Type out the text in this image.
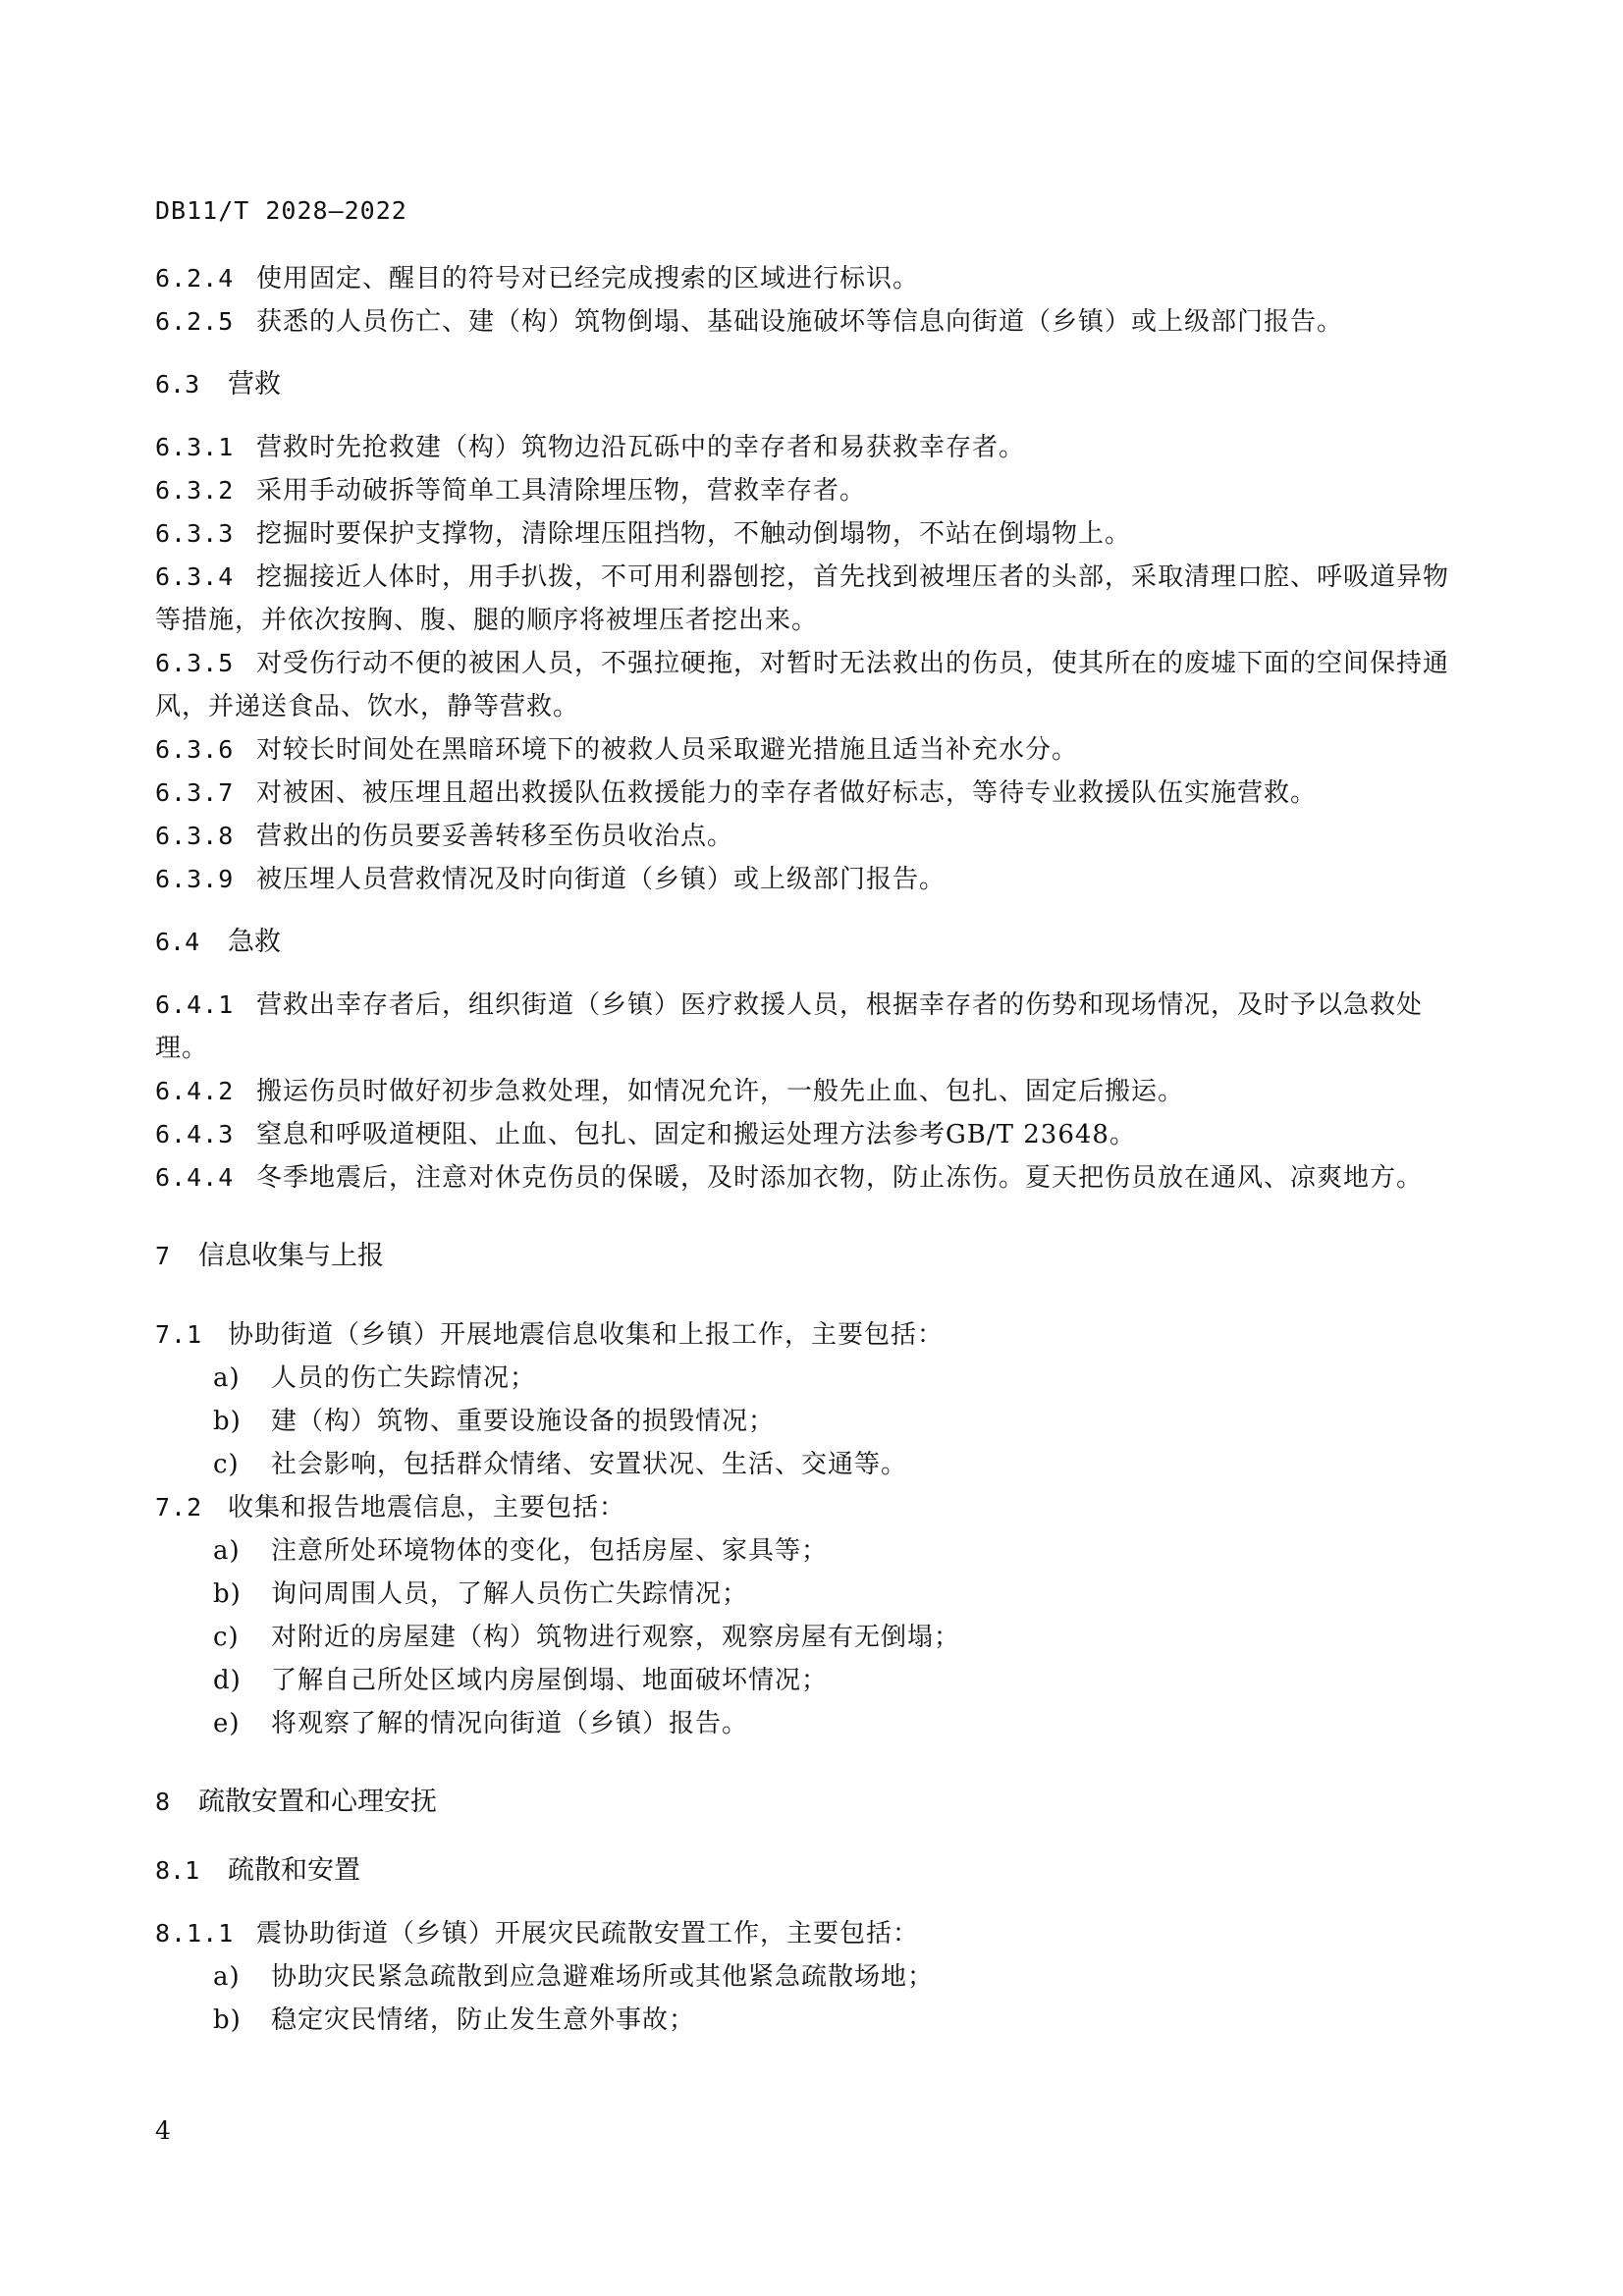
DB11/T 2028—2022

6.2.4 使用固定、醒目的符号对已经完成搜索的区域进行标识。

6.2.5 获悉的人员伤亡、建（构）筑物倒塌、基础设施破坏等信息向街道（乡镇）或上级部门报告。

6.3 营救

6.3.1 营救时先抢救建（构）筑物边沿瓦砾中的幸存者和易获救幸存者。

6.3.2 采用手动破拆等简单工具清除埋压物，营救幸存者。

6.3.3 挖掘时要保护支撑物，清除埋压阻挡物，不触动倒塌物，不站在倒塌物上。

6.3.4 挖掘接近人体时，用手扒拨，不可用利器刨挖，首先找到被埋压者的头部，采取清理口腔、呼吸道异物等措施，并依次按胸、腹、腿的顺序将被埋压者挖出来。

6.3.5 对受伤行动不便的被困人员，不强拉硬拖，对暂时无法救出的伤员，使其所在的废墟下面的空间保持通风，并递送食品、饮水，静等营救。

6.3.6 对较长时间处在黑暗环境下的被救人员采取避光措施且适当补充水分。

6.3.7 对被困、被压埋且超出救援队伍救援能力的幸存者做好标志，等待专业救援队伍实施营救。

6.3.8 营救出的伤员要妥善转移至伤员收治点。

6.3.9 被压埋人员营救情况及时向街道（乡镇）或上级部门报告。

6.4 急救

6.4.1 营救出幸存者后，组织街道（乡镇）医疗救援人员，根据幸存者的伤势和现场情况，及时予以急救处理。

6.4.2 搬运伤员时做好初步急救处理，如情况允许，一般先止血、包扎、固定后搬运。

6.4.3 窒息和呼吸道梗阻、止血、包扎、固定和搬运处理方法参考GB/T 23648。

6.4.4 冬季地震后，注意对休克伤员的保暖，及时添加衣物，防止冻伤。夏天把伤员放在通风、凉爽地方。

7 信息收集与上报

7.1 协助街道（乡镇）开展地震信息收集和上报工作，主要包括：

a) 人员的伤亡失踪情况；

b) 建（构）筑物、重要设施设备的损毁情况；

c) 社会影响，包括群众情绪、安置状况、生活、交通等。

7.2 收集和报告地震信息，主要包括：

a) 注意所处环境物体的变化，包括房屋、家具等；

b) 询问周围人员，了解人员伤亡失踪情况；

c) 对附近的房屋建（构）筑物进行观察，观察房屋有无倒塌；

d) 了解自己所处区域内房屋倒塌、地面破坏情况；

e) 将观察了解的情况向街道（乡镇）报告。

8 疏散安置和心理安抚

8.1 疏散和安置

8.1.1 震协助街道（乡镇）开展灾民疏散安置工作，主要包括：

a) 协助灾民紧急疏散到应急避难场所或其他紧急疏散场地；

b) 稳定灾民情绪，防止发生意外事故；

4
